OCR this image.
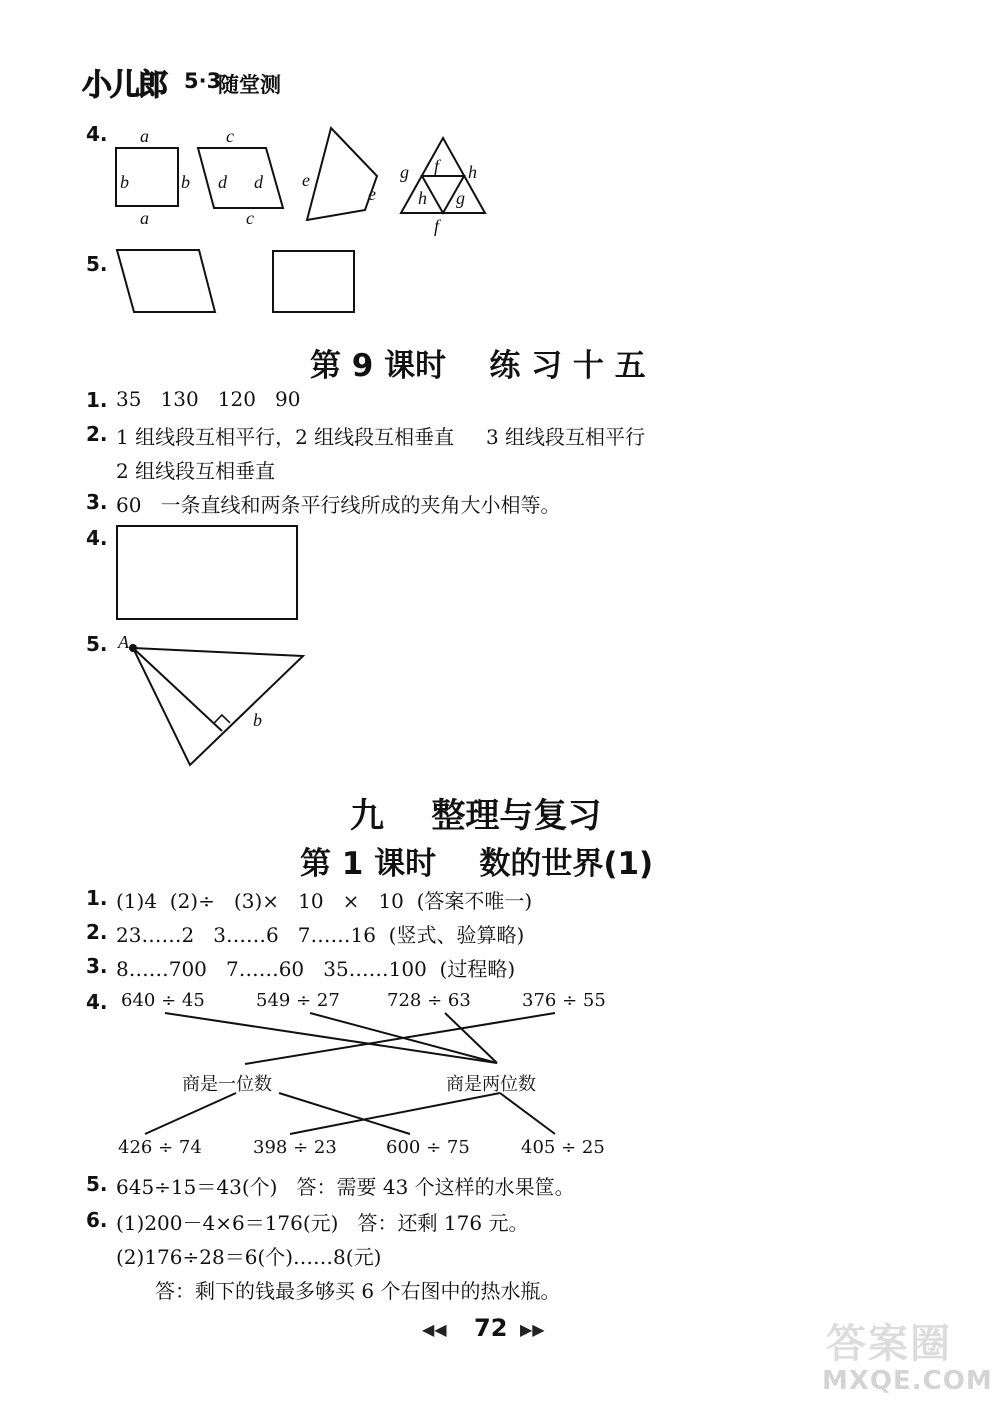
小儿郎 5·3
随堂测
4. a
b	b
a
c
d d
c
e
e
g f h
h g
f
5.
第 9 课时    练 习 十 五
1. 35   130   120   90
2. 1 组线段互相平行，2 组线段互相垂直     3 组线段互相平行
2 组线段互相垂直
3. 60   一条直线和两条平行线所成的夹角大小相等。
4.
5. A
b
九    整理与复习
第 1 课时    数的世界(1)
1. (1)4  (2)÷   (3)×   10   ×   10  (答案不唯一)
2. 23……2   3……6   7……16  (竖式、验算略)
3. 8……700   7……60   35……100  (过程略)
4. 640 ÷ 45	549 ÷ 27	728 ÷ 63	376 ÷ 55
商是一位数	商是两位数
426 ÷ 74	398 ÷ 23	600 ÷ 75	405 ÷ 25
5. 645÷15＝43(个)   答：需要 43 个这样的水果筐。
6. (1)200－4×6＝176(元)   答：还剩 176 元。
(2)176÷28＝6(个)……8(元)
答：剩下的钱最多够买 6 个右图中的热水瓶。
◀◀ 72 ▶▶	答案圈
MXQE.COM
